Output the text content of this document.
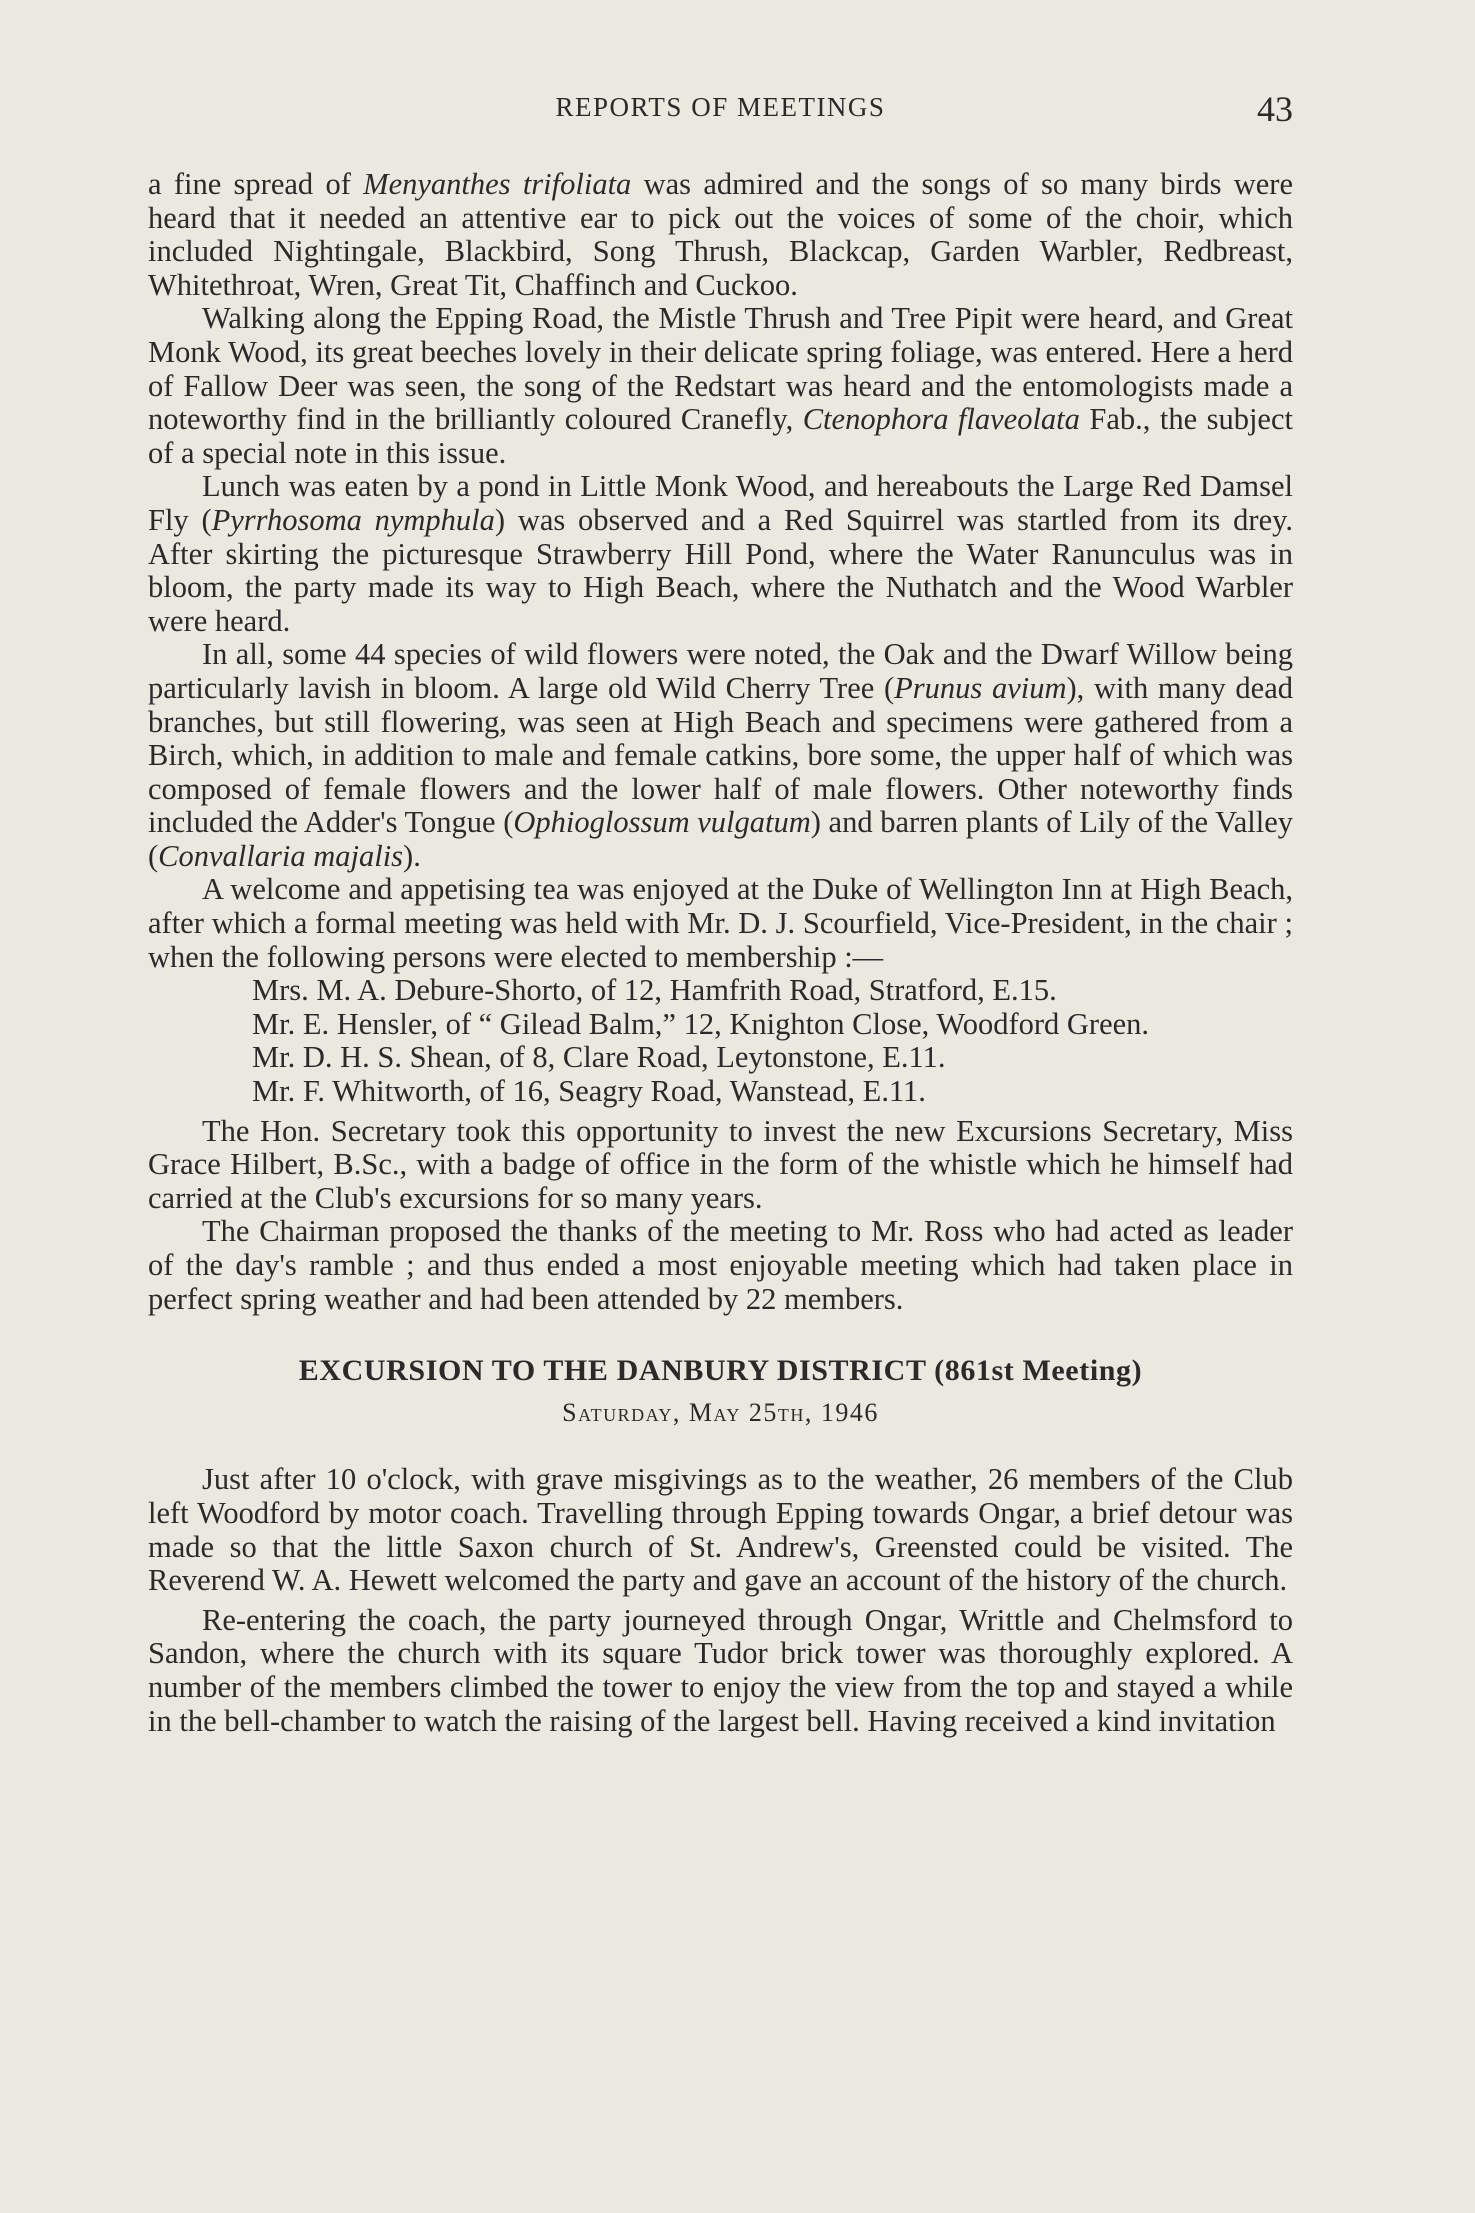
REPORTS OF MEETINGS	43

a fine spread of Menyanthes trifoliata was admired and the songs of so many birds were heard that it needed an attentive ear to pick out the voices of some of the choir, which included Nightingale, Blackbird, Song Thrush, Blackcap, Garden Warbler, Redbreast, Whitethroat, Wren, Great Tit, Chaffinch and Cuckoo.

Walking along the Epping Road, the Mistle Thrush and Tree Pipit were heard, and Great Monk Wood, its great beeches lovely in their delicate spring foliage, was entered. Here a herd of Fallow Deer was seen, the song of the Redstart was heard and the entomologists made a noteworthy find in the brilliantly coloured Cranefly, Ctenophora flaveolata Fab., the subject of a special note in this issue.

Lunch was eaten by a pond in Little Monk Wood, and hereabouts the Large Red Damsel Fly (Pyrrhosoma nymphula) was observed and a Red Squirrel was startled from its drey. After skirting the picturesque Strawberry Hill Pond, where the Water Ranunculus was in bloom, the party made its way to High Beach, where the Nuthatch and the Wood Warbler were heard.

In all, some 44 species of wild flowers were noted, the Oak and the Dwarf Willow being particularly lavish in bloom. A large old Wild Cherry Tree (Prunus avium), with many dead branches, but still flowering, was seen at High Beach and specimens were gathered from a Birch, which, in addition to male and female catkins, bore some, the upper half of which was composed of female flowers and the lower half of male flowers. Other noteworthy finds included the Adder's Tongue (Ophioglossum vulgatum) and barren plants of Lily of the Valley (Convallaria majalis).

A welcome and appetising tea was enjoyed at the Duke of Wellington Inn at High Beach, after which a formal meeting was held with Mr. D. J. Scourfield, Vice-President, in the chair ; when the following persons were elected to membership :—

Mrs. M. A. Debure-Shorto, of 12, Hamfrith Road, Stratford, E.15.
Mr. E. Hensler, of “ Gilead Balm,” 12, Knighton Close, Woodford Green.
Mr. D. H. S. Shean, of 8, Clare Road, Leytonstone, E.11.
Mr. F. Whitworth, of 16, Seagry Road, Wanstead, E.11.

The Hon. Secretary took this opportunity to invest the new Excursions Secretary, Miss Grace Hilbert, B.Sc., with a badge of office in the form of the whistle which he himself had carried at the Club's excursions for so many years.

The Chairman proposed the thanks of the meeting to Mr. Ross who had acted as leader of the day's ramble ; and thus ended a most enjoyable meeting which had taken place in perfect spring weather and had been attended by 22 members.

EXCURSION TO THE DANBURY DISTRICT (861st Meeting)
Saturday, May 25th, 1946

Just after 10 o'clock, with grave misgivings as to the weather, 26 members of the Club left Woodford by motor coach. Travelling through Epping towards Ongar, a brief detour was made so that the little Saxon church of St. Andrew's, Greensted could be visited. The Reverend W. A. Hewett welcomed the party and gave an account of the history of the church.

Re-entering the coach, the party journeyed through Ongar, Writtle and Chelmsford to Sandon, where the church with its square Tudor brick tower was thoroughly explored. A number of the members climbed the tower to enjoy the view from the top and stayed a while in the bell-chamber to watch the raising of the largest bell. Having received a kind invitation
